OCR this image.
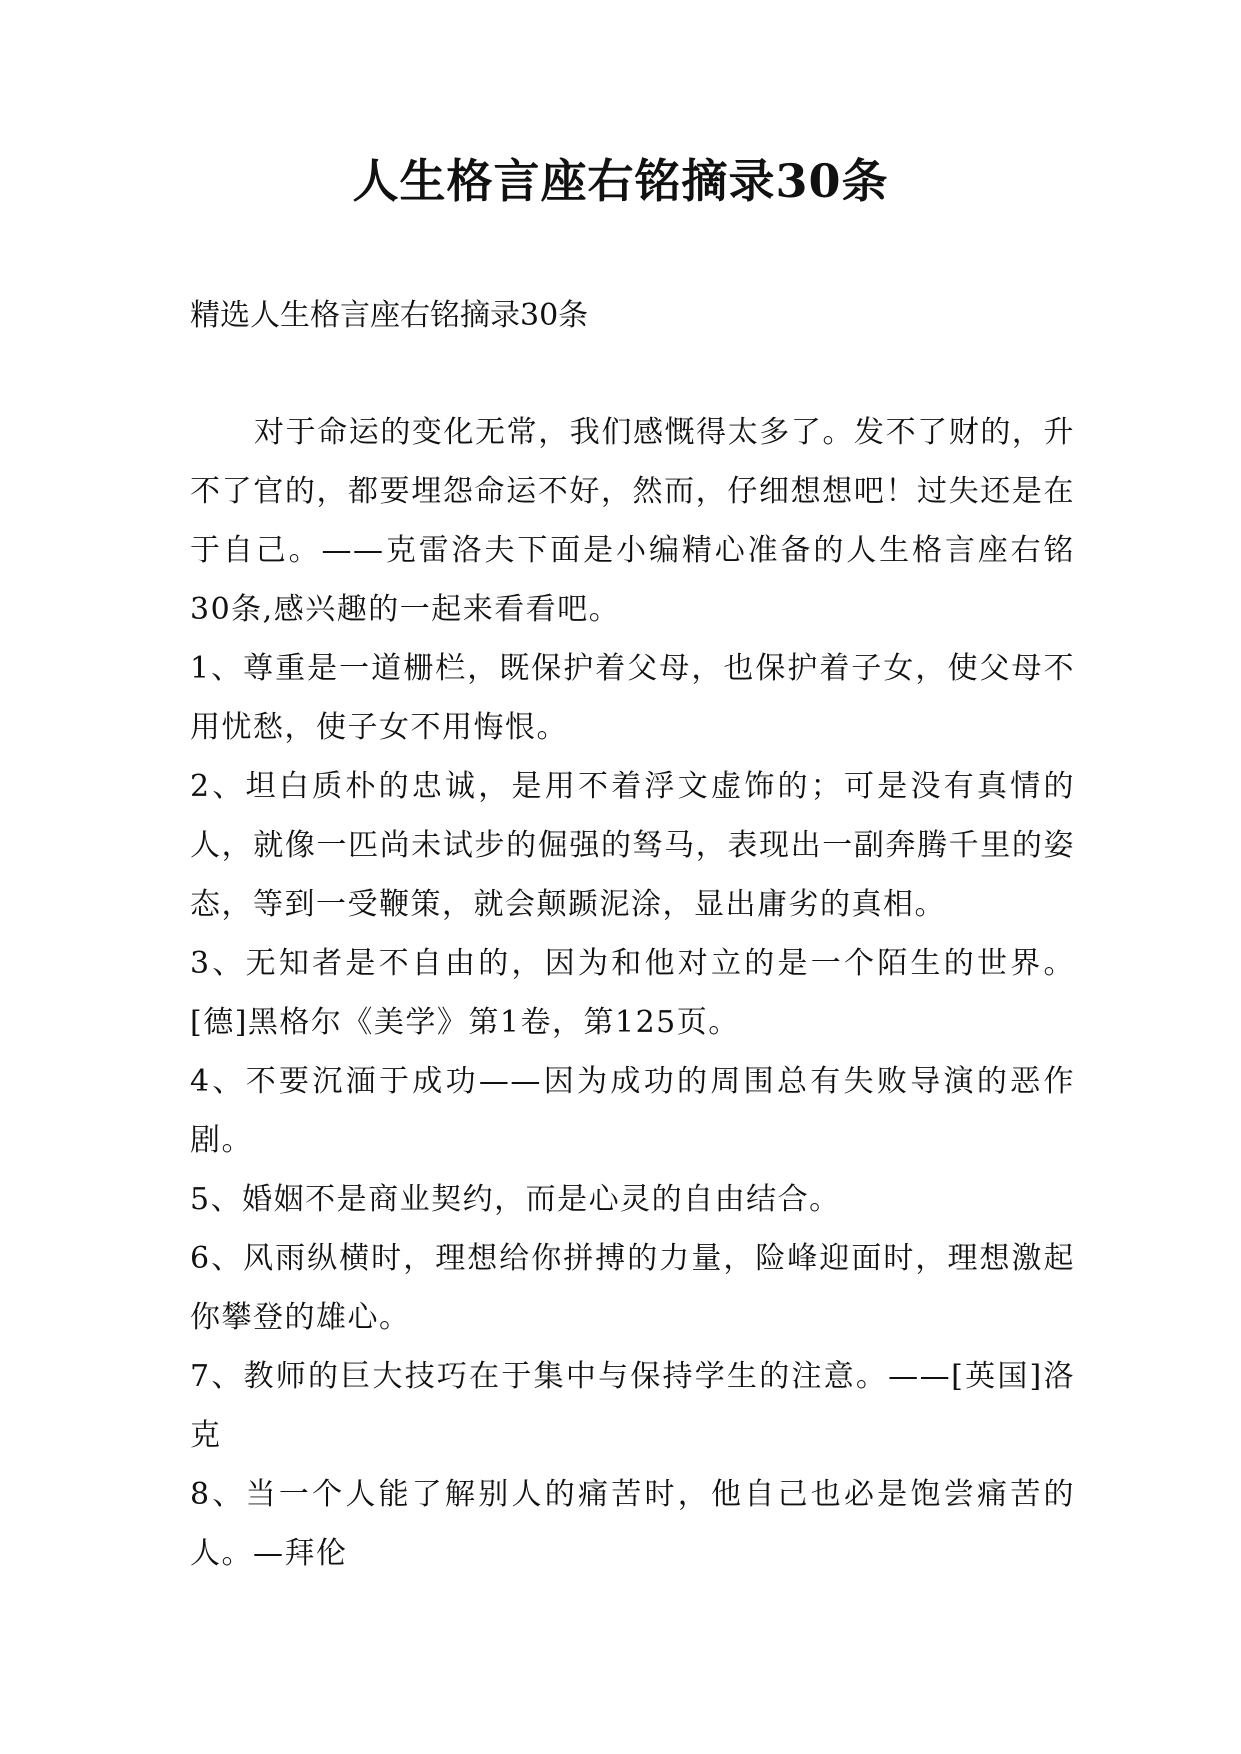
人生格言座右铭摘录30条
精选人生格言座右铭摘录30条

对于命运的变化无常，我们感慨得太多了。发不了财的，升不了官的，都要埋怨命运不好，然而，仔细想想吧！过失还是在于自己。——克雷洛夫下面是小编精心准备的人生格言座右铭30条,感兴趣的一起来看看吧。

1、尊重是一道栅栏，既保护着父母，也保护着子女，使父母不用忧愁，使子女不用悔恨。

2、坦白质朴的忠诚，是用不着浮文虚饰的；可是没有真情的人，就像一匹尚未试步的倔强的驽马，表现出一副奔腾千里的姿态，等到一受鞭策，就会颠踬泥涂，显出庸劣的真相。

3、无知者是不自由的，因为和他对立的是一个陌生的世界。[德]黑格尔《美学》第1卷，第125页。

4、不要沉湎于成功——因为成功的周围总有失败导演的恶作剧。

5、婚姻不是商业契约，而是心灵的自由结合。

6、风雨纵横时，理想给你拼搏的力量，险峰迎面时，理想激起你攀登的雄心。

7、教师的巨大技巧在于集中与保持学生的注意。——[英国]洛克

8、当一个人能了解别人的痛苦时，他自己也必是饱尝痛苦的人。—拜伦
